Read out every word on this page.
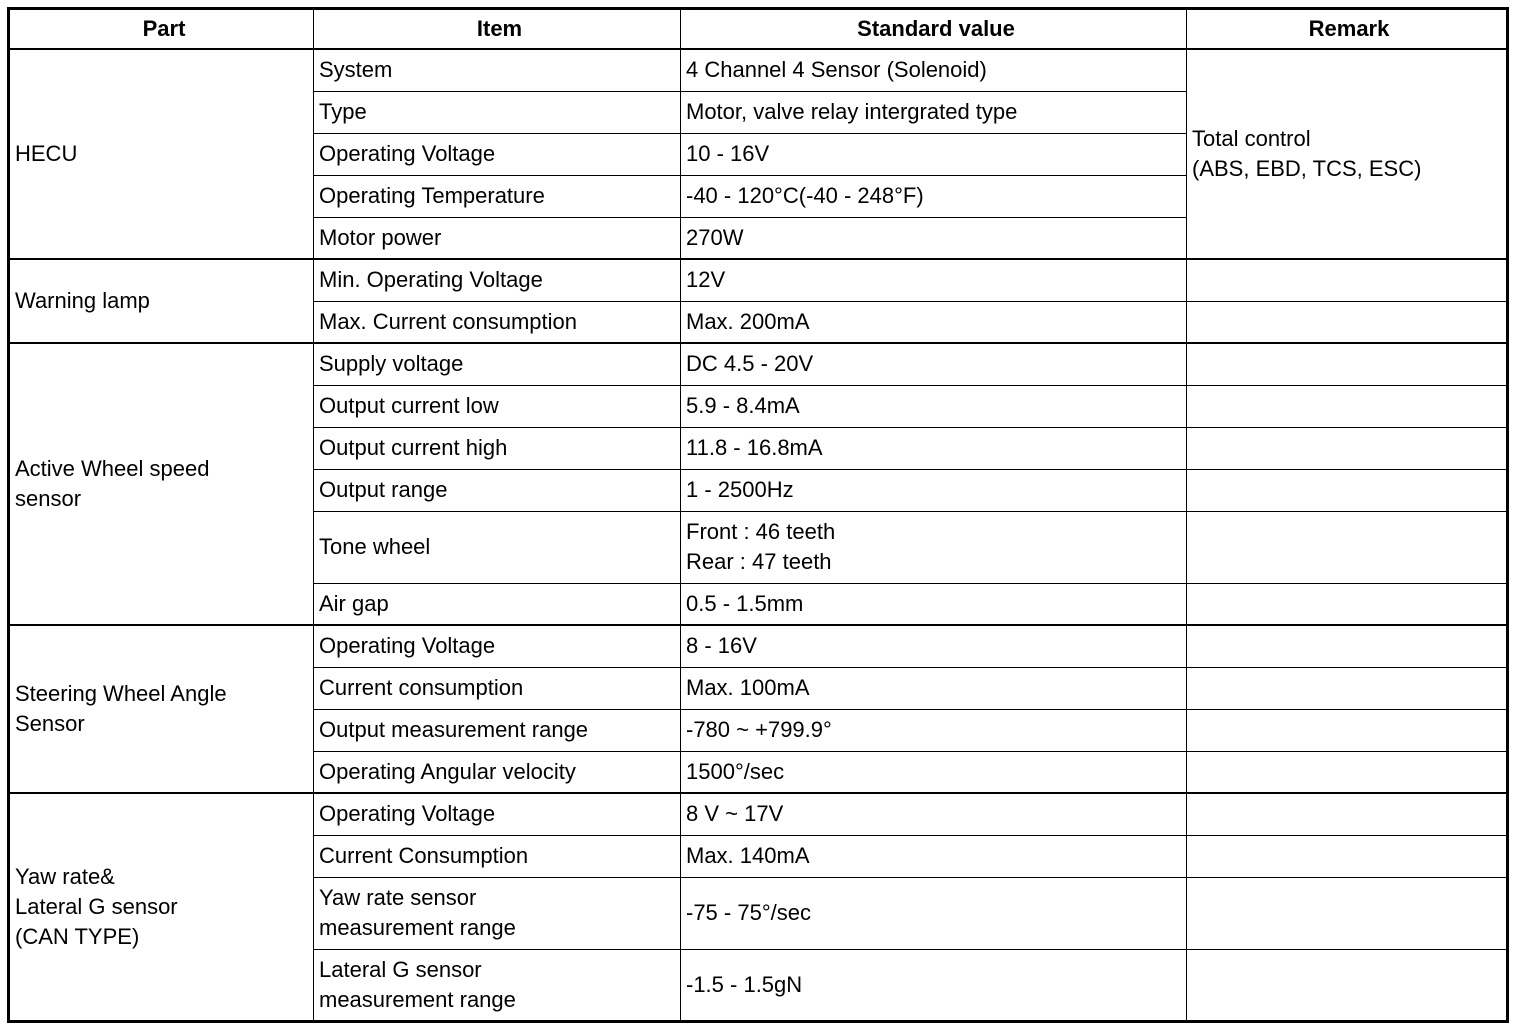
Part	Item	Standard value	Remark
HECU	System	4 Channel 4 Sensor (Solenoid)	Total control
(ABS, EBD, TCS, ESC)
	Type	Motor, valve relay intergrated type	
	Operating Voltage	10 - 16V	
	Operating Temperature	-40 - 120°C(-40 - 248°F)	
	Motor power	270W	
Warning lamp	Min. Operating Voltage	12V	
	Max. Current consumption	Max. 200mA	
Active Wheel speed
sensor	Supply voltage	DC 4.5 - 20V	
	Output current low	5.9 - 8.4mA	
	Output current high	11.8 - 16.8mA	
	Output range	1 - 2500Hz	
	Tone wheel	Front : 46 teeth
Rear : 47 teeth	
	Air gap	0.5 - 1.5mm	
Steering Wheel Angle
Sensor	Operating Voltage	8 - 16V	
	Current consumption	Max. 100mA	
	Output measurement range	-780 ~ +799.9°	
	Operating Angular velocity	1500°/sec	
Yaw rate&
Lateral G sensor
(CAN TYPE)	Operating Voltage	8 V ~ 17V	
	Current Consumption	Max. 140mA	
	Yaw rate sensor
measurement range	-75 - 75°/sec	
	Lateral G sensor
measurement range	-1.5 - 1.5gN	
